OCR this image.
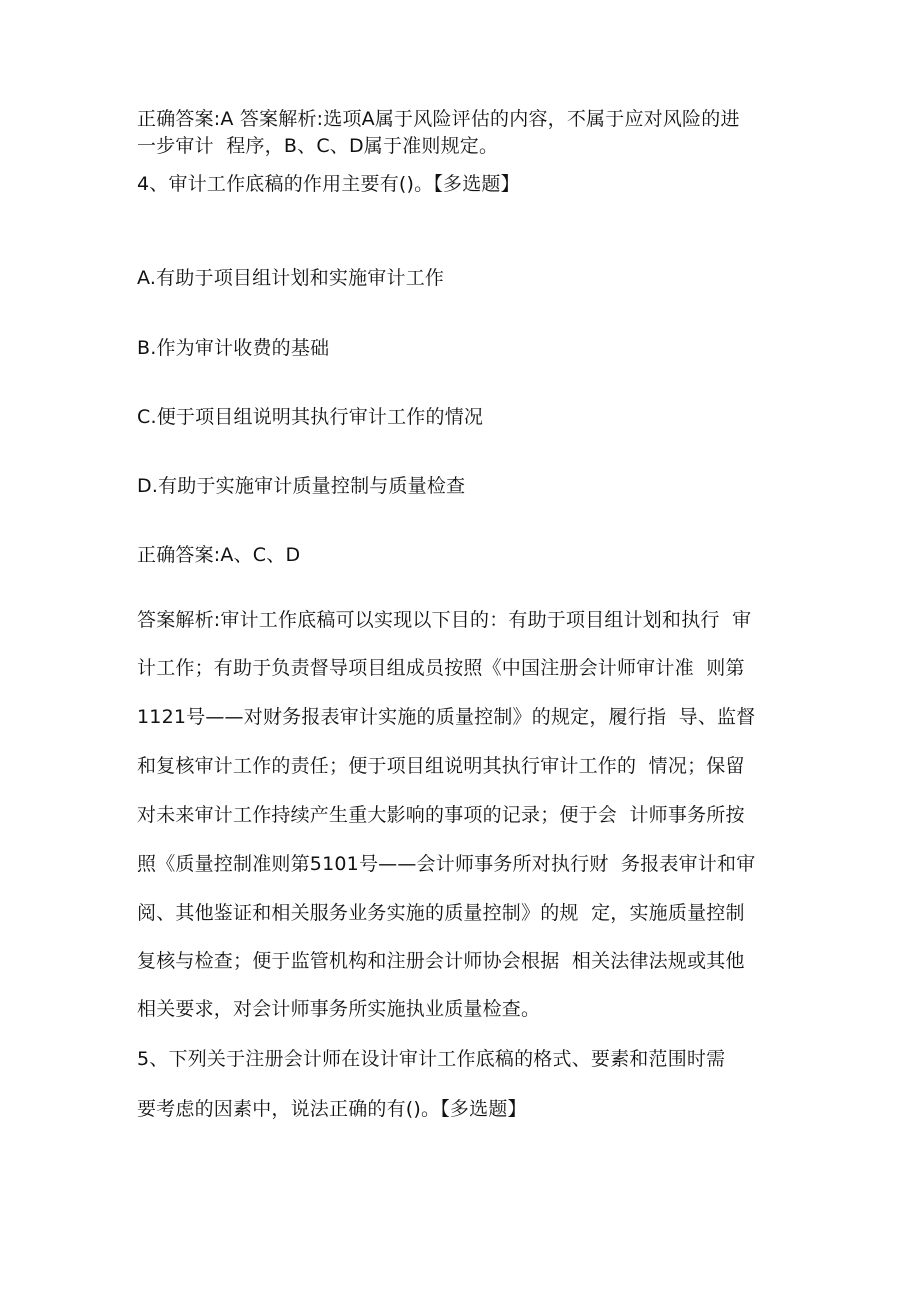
正确答案:A 答案解析:选项A属于风险评估的内容，不属于应对风险的进
一步审计  程序，B、C、D属于准则规定。
4、审计工作底稿的作用主要有()。【多选题】
A.有助于项目组计划和实施审计工作
B.作为审计收费的基础
C.便于项目组说明其执行审计工作的情况
D.有助于实施审计质量控制与质量检查
正确答案:A、C、D
答案解析:审计工作底稿可以实现以下目的：有助于项目组计划和执行  审
计工作；有助于负责督导项目组成员按照《中国注册会计师审计准  则第
1121号——对财务报表审计实施的质量控制》的规定，履行指  导、监督
和复核审计工作的责任；便于项目组说明其执行审计工作的  情况；保留
对未来审计工作持续产生重大影响的事项的记录；便于会  计师事务所按
照《质量控制准则第5101号——会计师事务所对执行财  务报表审计和审
阅、其他鉴证和相关服务业务实施的质量控制》的规  定，实施质量控制
复核与检查；便于监管机构和注册会计师协会根据  相关法律法规或其他
相关要求，对会计师事务所实施执业质量检查。
5、下列关于注册会计师在设计审计工作底稿的格式、要素和范围时需
要考虑的因素中，说法正确的有()。【多选题】
